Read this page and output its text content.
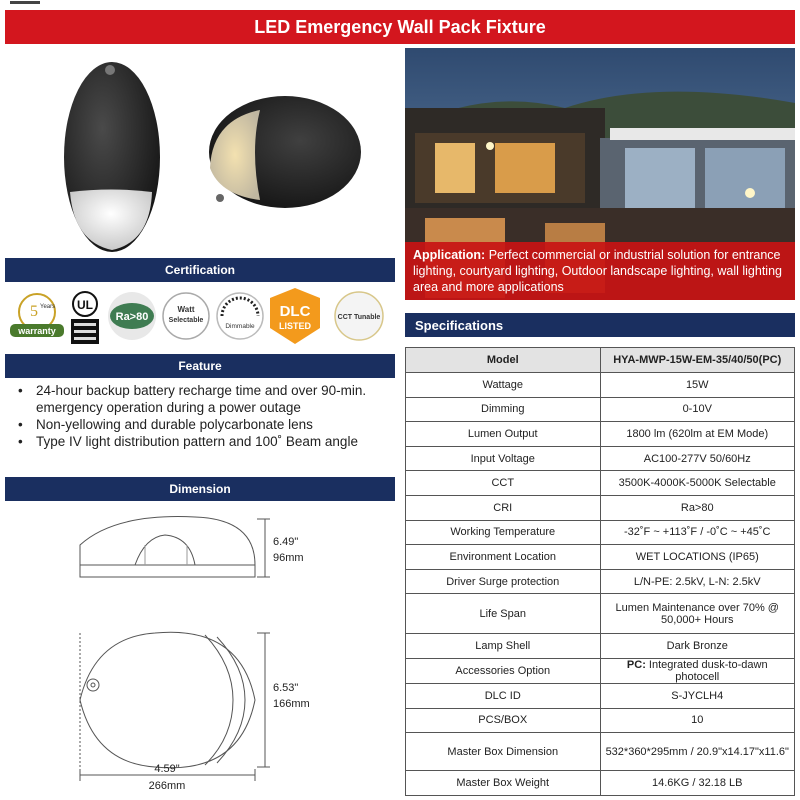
LED Emergency Wall Pack Fixture
Certification
5 Years
warranty
UL
Ra>80
Watt
Selectable
Dimmable
DLC
LISTED
CCT Tunable
Feature
• 24-hour backup battery recharge time and over 90-min. emergency operation during a power outage
• Non-yellowing and durable polycarbonate lens
• Type IV light distribution pattern and 100˚ Beam angle
Dimension
6.49"
96mm
6.53"
166mm
4.59"
266mm
Application: Perfect commercial or industrial solution for entrance lighting, courtyard lighting, Outdoor landscape lighting, wall lighting area and more applications
Specifications
Model	HYA-MWP-15W-EM-35/40/50(PC)
Wattage	15W
Dimming	0-10V
Lumen Output	1800 lm (620lm at EM Mode)
Input Voltage	AC100-277V 50/60Hz
CCT	3500K-4000K-5000K Selectable
CRI	Ra>80
Working Temperature	-32˚F ~ +113˚F / -0˚C ~ +45˚C
Environment Location	WET LOCATIONS (IP65)
Driver Surge protection	L/N-PE: 2.5kV, L-N: 2.5kV
Life Span	Lumen Maintenance over 70% @ 50,000+ Hours
Lamp Shell	Dark Bronze
Accessories Option	PC: Integrated dusk-to-dawn photocell
DLC ID	S-JYCLH4
PCS/BOX	10
Master Box Dimension	532*360*295mm / 20.9"x14.17"x11.6"
Master Box Weight	14.6KG / 32.18 LB
